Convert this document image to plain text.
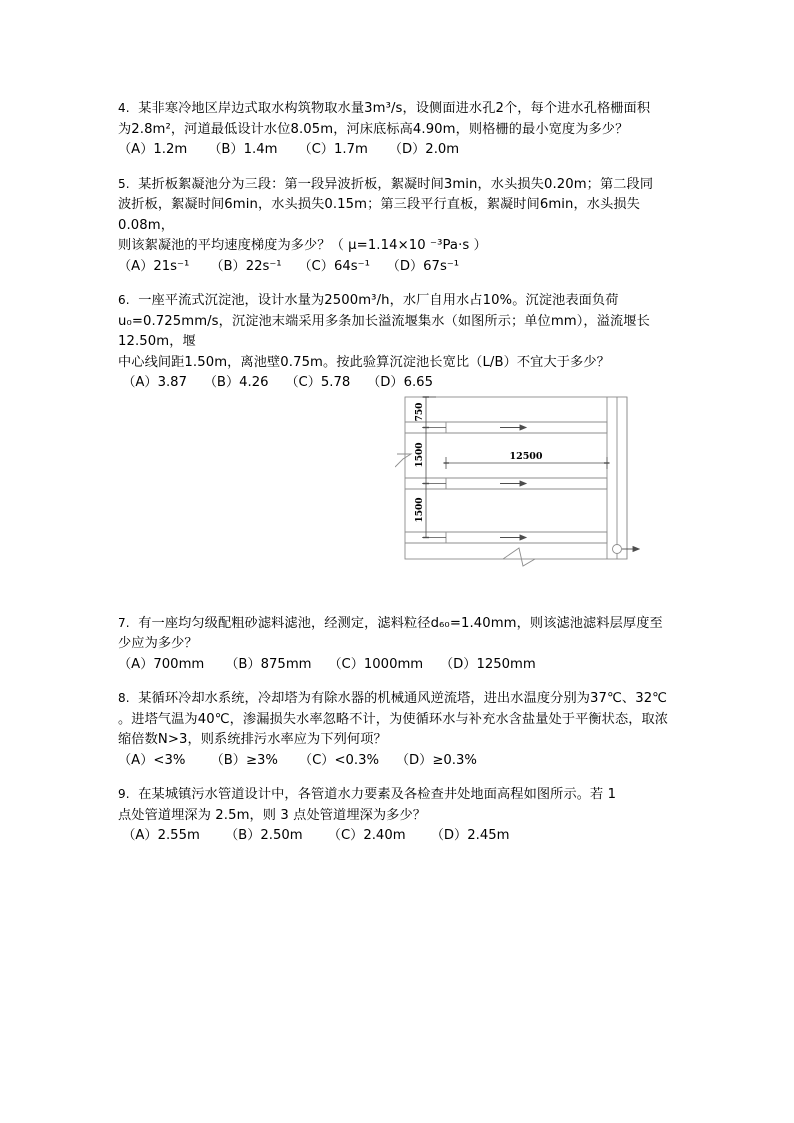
4. 某非寒冷地区岸边式取水构筑物取水量3m³/s，设侧面进水孔2个，每个进水孔格栅面积
为2.8m²，河道最低设计水位8.05m，河床底标高4.90m，则格栅的最小宽度为多少？
（A）1.2m （B）1.4m （C）1.7m （D）2.0m
5. 某折板絮凝池分为三段：第一段异波折板，絮凝时间3min，水头损失0.20m；第二段同
波折板，絮凝时间6min，水头损失0.15m；第三段平行直板，絮凝时间6min，水头损失0.08m，
则该絮凝池的平均速度梯度为多少？（ μ=1.14×10 ⁻³Pa·s ）
（A）21s⁻¹ （B）22s⁻¹ （C）64s⁻¹ （D）67s⁻¹
6. 一座平流式沉淀池，设计水量为2500m³/h，水厂自用水占10%。沉淀池表面负荷
u₀=0.725mm/s，沉淀池末端采用多条加长溢流堰集水（如图所示；单位mm），溢流堰长12.50m，堰
中心线间距1.50m，离池壁0.75m。按此验算沉淀池长宽比（L/B）不宜大于多少？
（A）3.87 （B）4.26 （C）5.78 （D）6.65
7. 有一座均匀级配粗砂滤料滤池，经测定，滤料粒径d₆₀=1.40mm，则该滤池滤料层厚度至
少应为多少？
（A）700mm （B）875mm （C）1000mm （D）1250mm
8. 某循环冷却水系统，冷却塔为有除水器的机械通风逆流塔，进出水温度分别为37℃、32℃
。进塔气温为40℃，渗漏损失水率忽略不计，为使循环水与补充水含盐量处于平衡状态，取浓
缩倍数N>3，则系统排污水率应为下列何项？
（A）<3% （B）≥3% （C）<0.3% （D）≥0.3%
9. 在某城镇污水管道设计中，各管道水力要素及各检查井处地面高程如图所示。若 1
点处管道埋深为 2.5m，则 3 点处管道埋深为多少？
（A）2.55m （B）2.50m （C）2.40m （D）2.45m
750
1500
1500
12500
